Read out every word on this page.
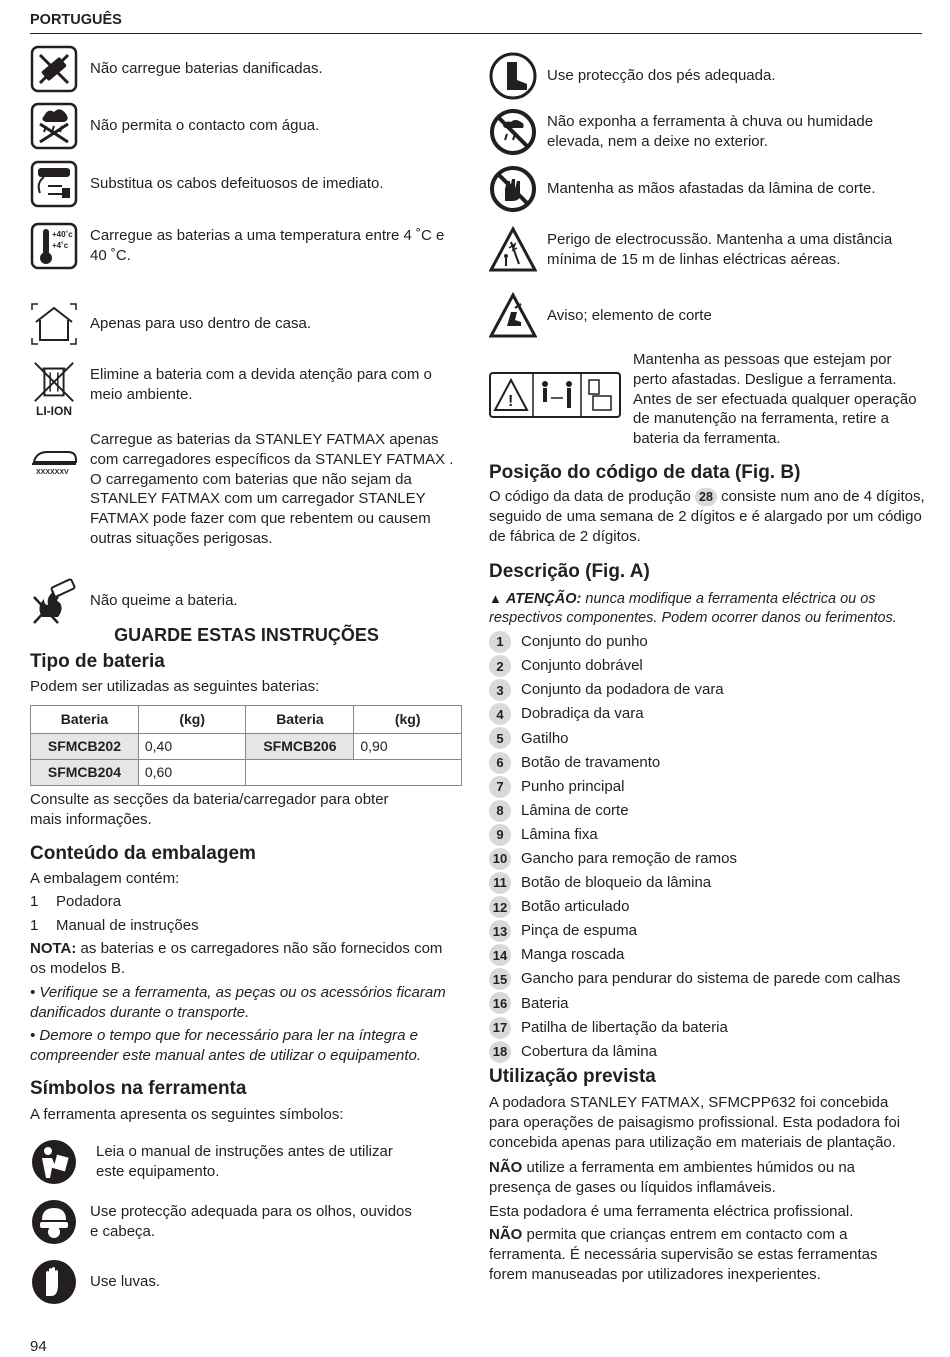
PORTUGUÊS
Não carregue baterias danificadas.
Não permita o contacto com água.
Substitua os cabos defeituosos de imediato.
+40˚c
+4˚c
Carregue as baterias a uma temperatura entre 4 ˚C e 40 ˚C.
Apenas para uso dentro de casa.
LI-ION
Elimine a bateria com a devida atenção para com o meio ambiente.
XXXXXXV
Carregue as baterias da STANLEY FATMAX apenas com carregadores específicos da STANLEY FATMAX . O carregamento com baterias que não sejam da STANLEY FATMAX com um carregador STANLEY FATMAX pode fazer com que rebentem ou causem outras situações perigosas.
Não queime a bateria.
GUARDE ESTAS INSTRUÇÕES
Tipo de bateria

Podem ser utilizadas as seguintes baterias:

Bateria	(kg)	Bateria	(kg)
SFMCB202	0,40	SFMCB206	0,90
SFMCB204	0,60		

Consulte as secções da bateria/carregador para obter mais informações.

Conteúdo da embalagem

A embalagem contém:

1 Podadora
1 Manual de instruções

NOTA: as baterias e os carregadores não são fornecidos com os modelos B.

• Verifique se a ferramenta, as peças ou os acessórios ficaram danificados durante o transporte.

• Demore o tempo que for necessário para ler na íntegra e compreender este manual antes de utilizar o equipamento.

Símbolos na ferramenta

A ferramenta apresenta os seguintes símbolos:

Leia o manual de instruções antes de utilizar este equipamento.
Use protecção adequada para os olhos, ouvidos e cabeça.
Use luvas.
Use protecção dos pés adequada.
Não exponha a ferramenta à chuva ou humidade elevada, nem a deixe no exterior.
Mantenha as mãos afastadas da lâmina de corte.
Perigo de electrocussão. Mantenha a uma distância mínima de 15 m de linhas eléctricas aéreas.
Aviso; elemento de corte
!
Mantenha as pessoas que estejam por perto afastadas. Desligue a ferramenta. Antes de ser efectuada qualquer operação de manutenção na ferramenta, retire a bateria da ferramenta.
Posição do código de data (Fig. B)

O código da data de produção 28 consiste num ano de 4 dígitos, seguido de uma semana de 2 dígitos e é alargado por um código de fábrica de 2 dígitos.

Descrição (Fig. A)

▲ ATENÇÃO: nunca modifique a ferramenta eléctrica ou os respectivos componentes. Podem ocorrer danos ou ferimentos.

1	Conjunto do punho
2	Conjunto dobrável
3	Conjunto da podadora de vara
4	Dobradiça da vara
5	Gatilho
6	Botão de travamento
7	Punho principal
8	Lâmina de corte
9	Lâmina fixa
10 Gancho para remoção de ramos
11 Botão de bloqueio da lâmina
12 Botão articulado
13 Pinça de espuma
14 Manga roscada
15 Gancho para pendurar do sistema de parede com calhas
16 Bateria
17 Patilha de libertação da bateria
18 Cobertura da lâmina
Utilização prevista

A podadora STANLEY FATMAX, SFMCPP632 foi concebida para operações de paisagismo profissional. Esta podadora foi concebida apenas para utilização em materiais de plantação.

NÃO utilize a ferramenta em ambientes húmidos ou na presença de gases ou líquidos inflamáveis.

Esta podadora é uma ferramenta eléctrica profissional.

NÃO permita que crianças entrem em contacto com a ferramenta. É necessária supervisão se estas ferramentas forem manuseadas por utilizadores inexperientes.

94
